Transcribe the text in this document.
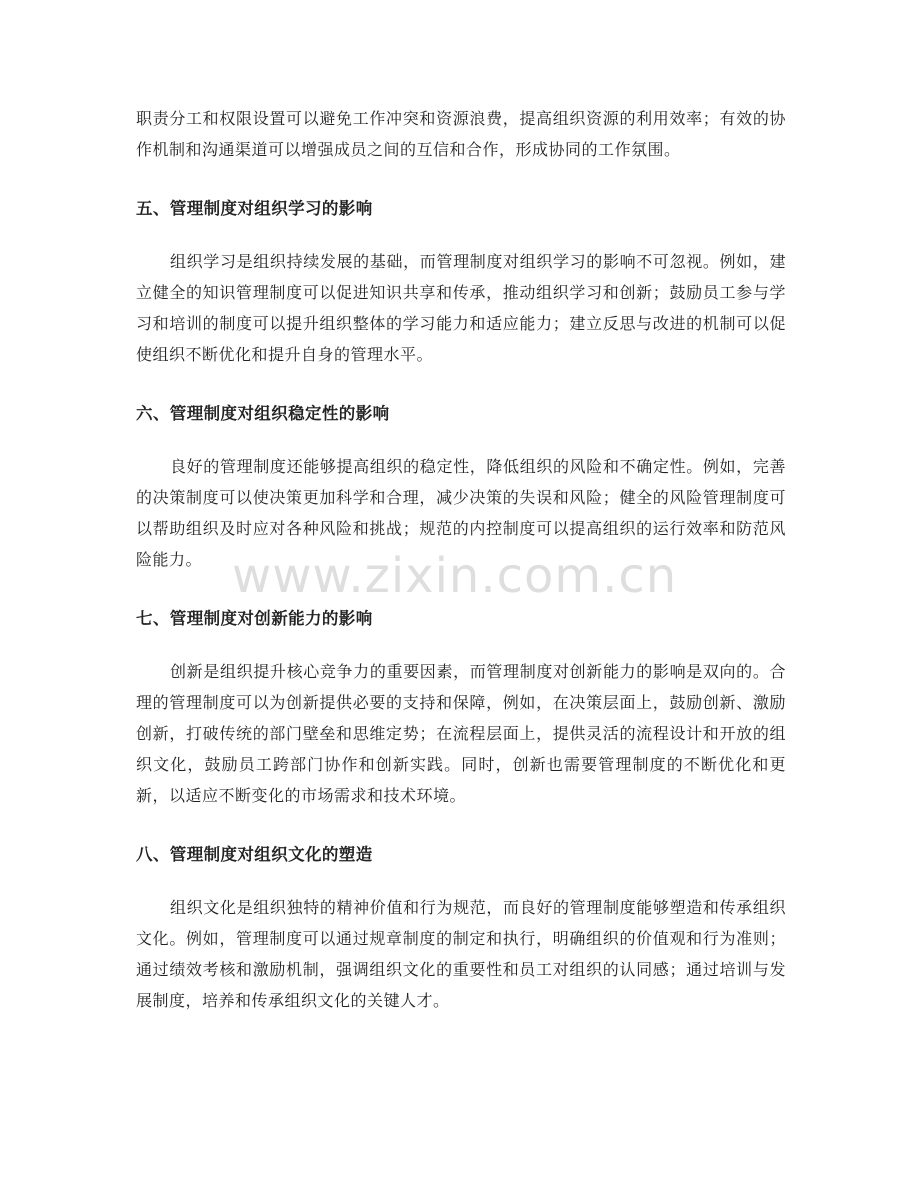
职责分工和权限设置可以避免工作冲突和资源浪费，提高组织资源的利用效率；有效的协作机制和沟通渠道可以增强成员之间的互信和合作，形成协同的工作氛围。

五、管理制度对组织学习的影响

组织学习是组织持续发展的基础，而管理制度对组织学习的影响不可忽视。例如，建立健全的知识管理制度可以促进知识共享和传承，推动组织学习和创新；鼓励员工参与学习和培训的制度可以提升组织整体的学习能力和适应能力；建立反思与改进的机制可以促使组织不断优化和提升自身的管理水平。

六、管理制度对组织稳定性的影响

良好的管理制度还能够提高组织的稳定性，降低组织的风险和不确定性。例如，完善的决策制度可以使决策更加科学和合理，减少决策的失误和风险；健全的风险管理制度可以帮助组织及时应对各种风险和挑战；规范的内控制度可以提高组织的运行效率和防范风险能力。

七、管理制度对创新能力的影响

创新是组织提升核心竞争力的重要因素，而管理制度对创新能力的影响是双向的。合理的管理制度可以为创新提供必要的支持和保障，例如，在决策层面上，鼓励创新、激励创新，打破传统的部门壁垒和思维定势；在流程层面上，提供灵活的流程设计和开放的组织文化，鼓励员工跨部门协作和创新实践。同时，创新也需要管理制度的不断优化和更新，以适应不断变化的市场需求和技术环境。

八、管理制度对组织文化的塑造

组织文化是组织独特的精神价值和行为规范，而良好的管理制度能够塑造和传承组织文化。例如，管理制度可以通过规章制度的制定和执行，明确组织的价值观和行为准则；通过绩效考核和激励机制，强调组织文化的重要性和员工对组织的认同感；通过培训与发展制度，培养和传承组织文化的关键人才。

www.zixin.com.cn
